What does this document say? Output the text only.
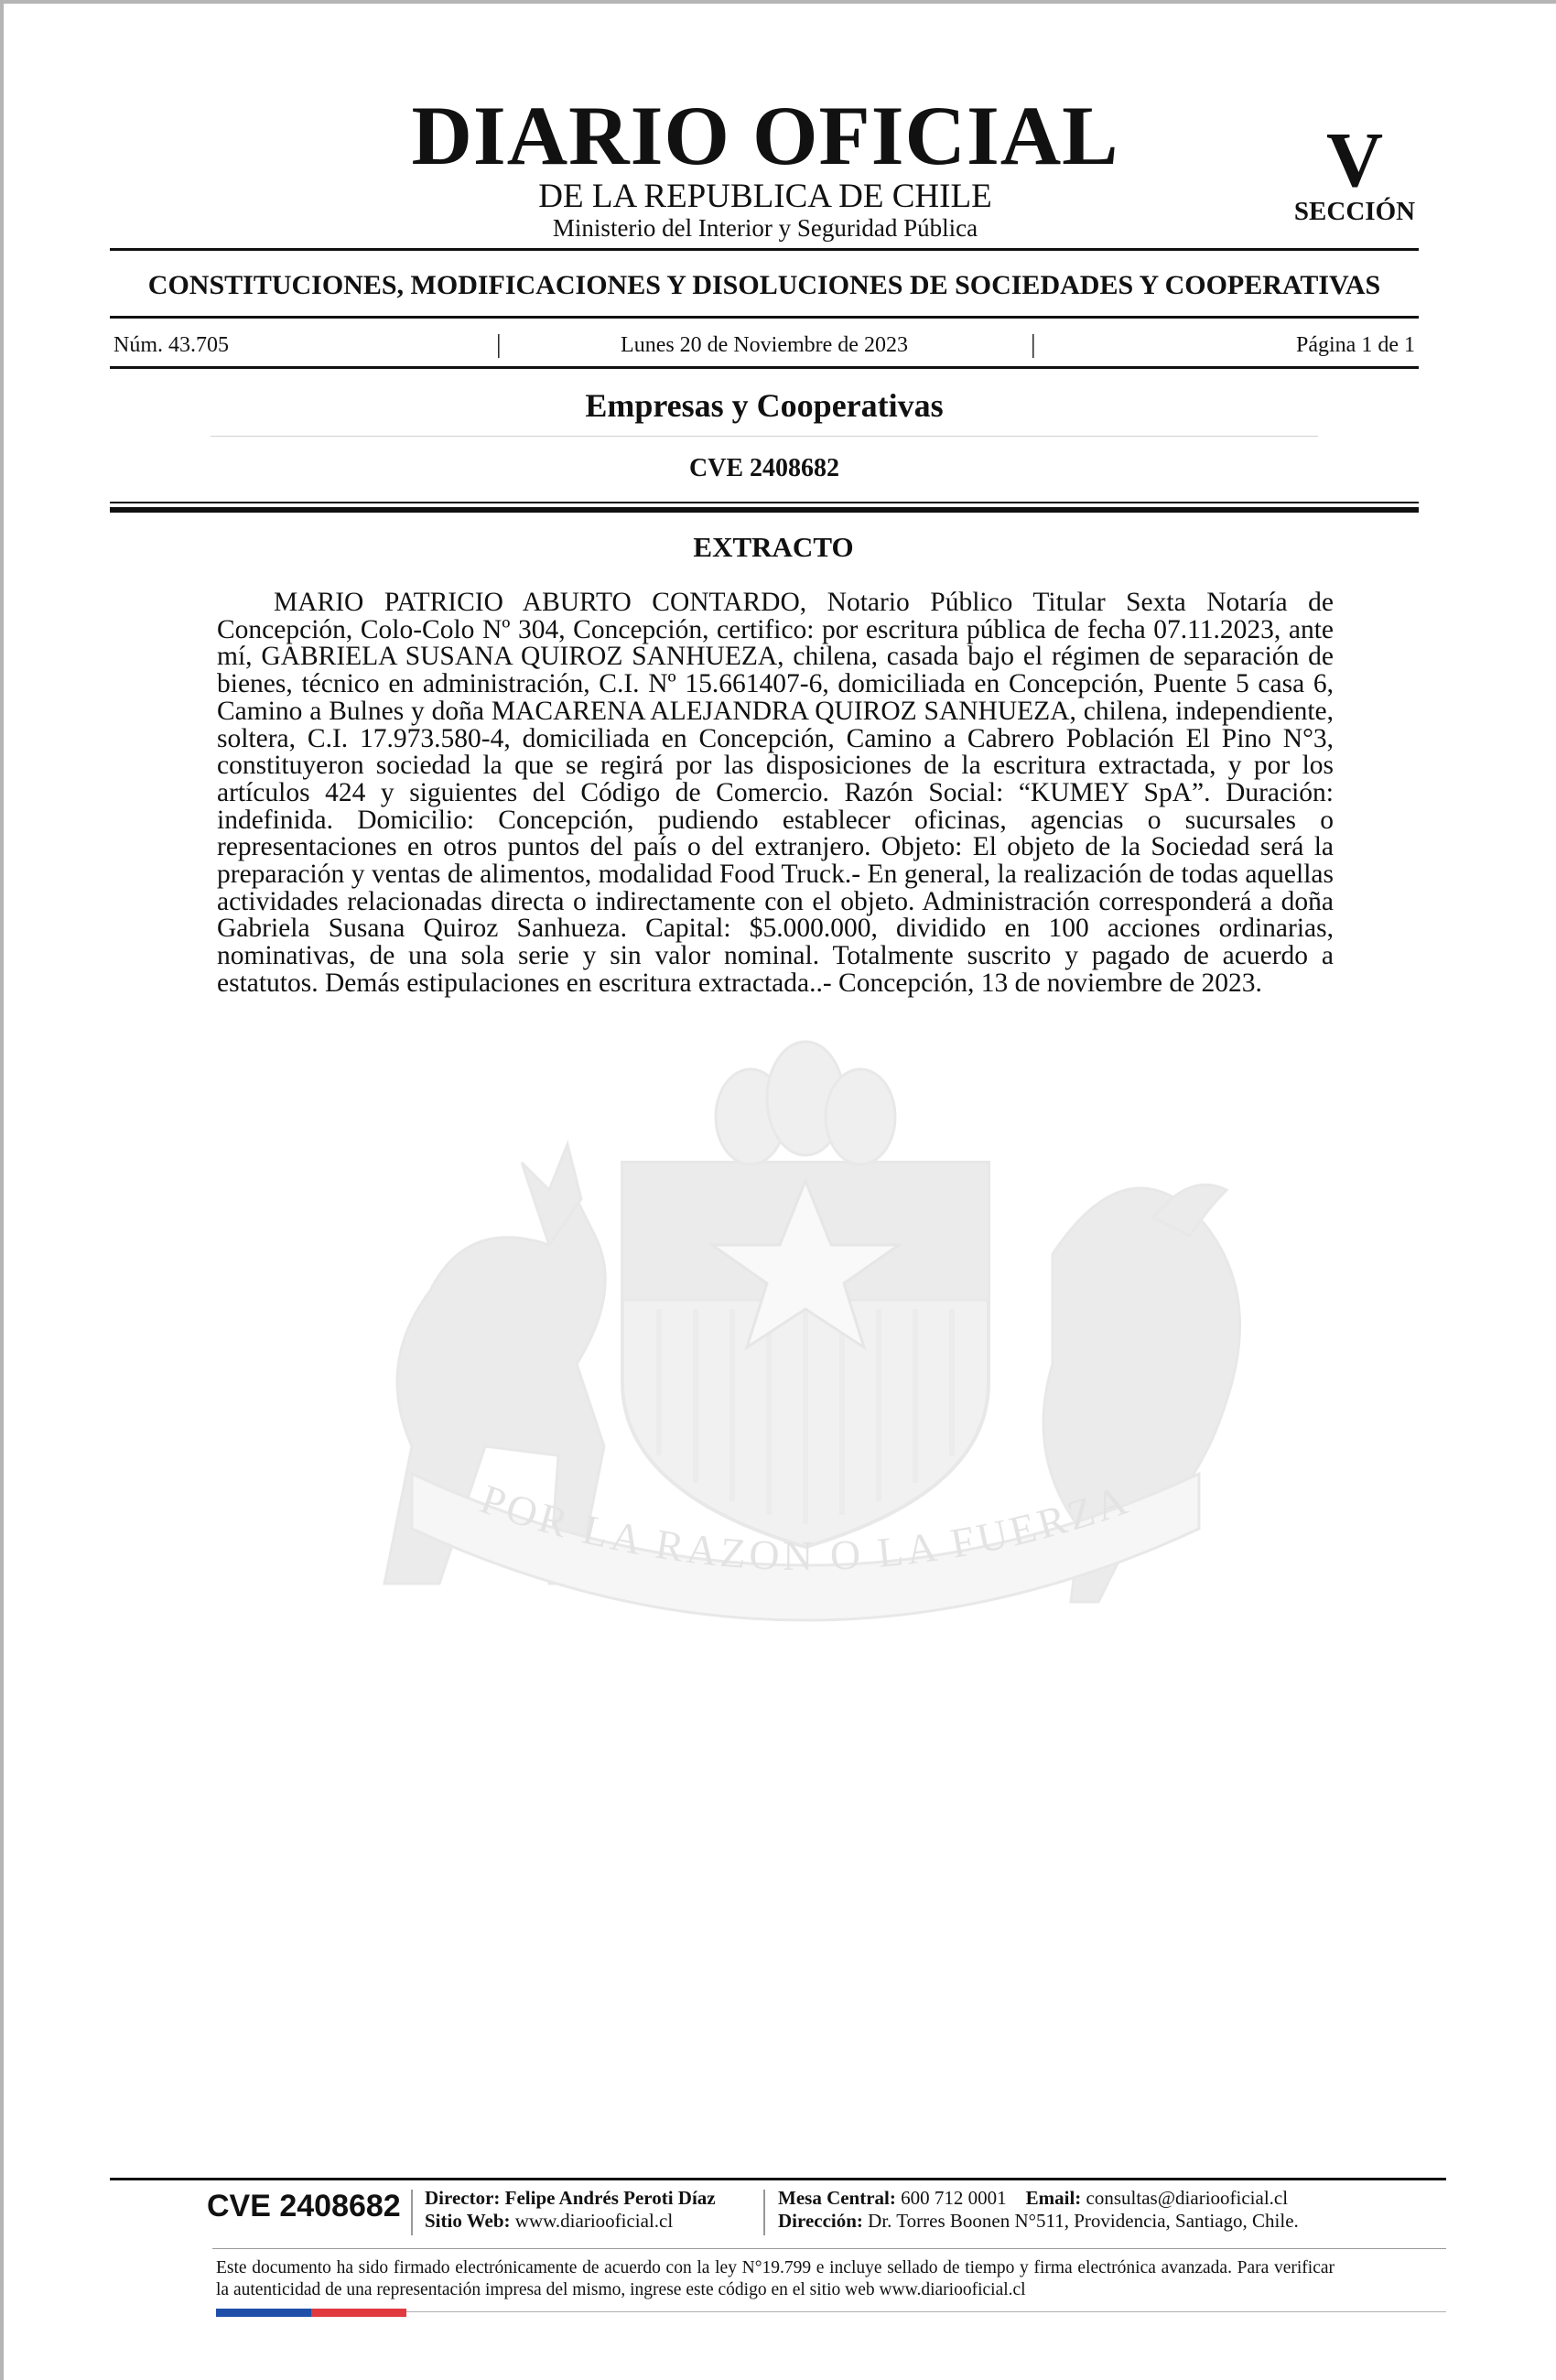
DIARIO OFICIAL
DE LA REPUBLICA DE CHILE
Ministerio del Interior y Seguridad Pública
V
SECCIÓN
CONSTITUCIONES, MODIFICACIONES Y DISOLUCIONES DE SOCIEDADES Y COOPERATIVAS
Núm. 43.705	|	Lunes 20 de Noviembre de 2023	|	Página 1 de 1
Empresas y Cooperativas
CVE 2408682
EXTRACTO
MARIO PATRICIO ABURTO CONTARDO, Notario Público Titular Sexta Notaría de Concepción, Colo-Colo Nº 304, Concepción, certifico: por escritura pública de fecha 07.11.2023, ante mí, GABRIELA SUSANA QUIROZ SANHUEZA, chilena, casada bajo el régimen de separación de bienes, técnico en administración, C.I. Nº 15.661407-6, domiciliada en Concepción, Puente 5 casa 6, Camino a Bulnes y doña MACARENA ALEJANDRA QUIROZ SANHUEZA, chilena, independiente, soltera, C.I. 17.973.580-4, domiciliada en Concepción, Camino a Cabrero Población El Pino N°3, constituyeron sociedad la que se regirá por las disposiciones de la escritura extractada, y por los artículos 424 y siguientes del Código de Comercio. Razón Social: “KUMEY SpA”. Duración: indefinida. Domicilio: Concepción, pudiendo establecer oficinas, agencias o sucursales o representaciones en otros puntos del país o del extranjero. Objeto: El objeto de la Sociedad será la preparación y ventas de alimentos, modalidad Food Truck.- En general, la realización de todas aquellas actividades relacionadas directa o indirectamente con el objeto. Administración corresponderá a doña Gabriela Susana Quiroz Sanhueza. Capital: $5.000.000, dividido en 100 acciones ordinarias, nominativas, de una sola serie y sin valor nominal. Totalmente suscrito y pagado de acuerdo a estatutos. Demás estipulaciones en escritura extractada..- Concepción, 13 de noviembre de 2023.
POR LA RAZON O LA FUERZA
CVE 2408682 Director: Felipe Andrés Peroti Díaz
Sitio Web: www.diariooficial.cl
Mesa Central: 600 712 0001 Email: consultas@diariooficial.cl
Dirección: Dr. Torres Boonen N°511, Providencia, Santiago, Chile.
Este documento ha sido firmado electrónicamente de acuerdo con la ley N°19.799 e incluye sellado de tiempo y firma electrónica avanzada. Para verificar la autenticidad de una representación impresa del mismo, ingrese este código en el sitio web www.diariooficial.cl
